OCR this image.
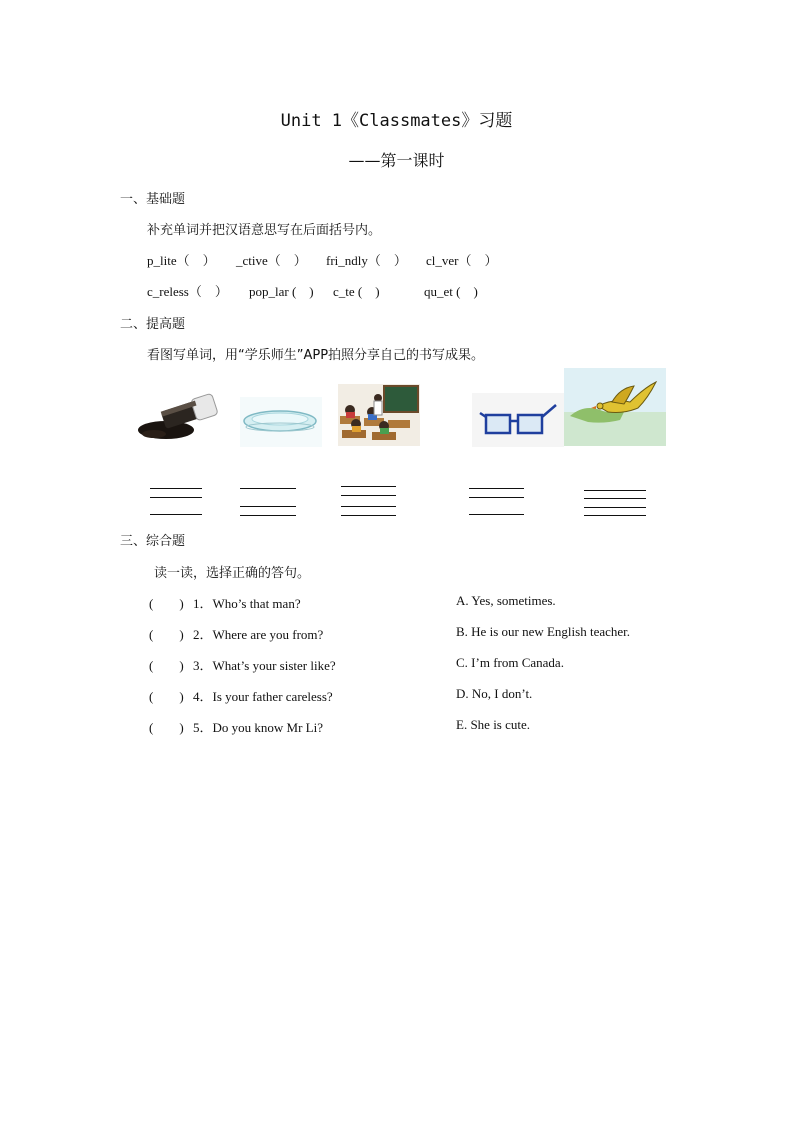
Unit 1《Classmates》习题
——第一课时
一、基础题
补充单词并把汉语意思写在后面括号内。
p_lite（　） _ctive（　） fri_ndly（　） cl_ver（　）
c_reless（　） pop_lar (　) c_te (　)	qu_et (　)
二、提高题
看图写单词，用“学乐师生”APP拍照分享自己的书写成果。
三、综合题
读一读，选择正确的答句。
(　　) 1．Who’s that man?	A. Yes, sometimes.
(　　) 2．Where are you from?	B. He is our new English teacher.
(　　) 3．What’s your sister like?	C. I’m from Canada.
(　　) 4．Is your father careless?	D. No, I don’t.
(　　) 5．Do you know Mr Li?	E. She is cute.
